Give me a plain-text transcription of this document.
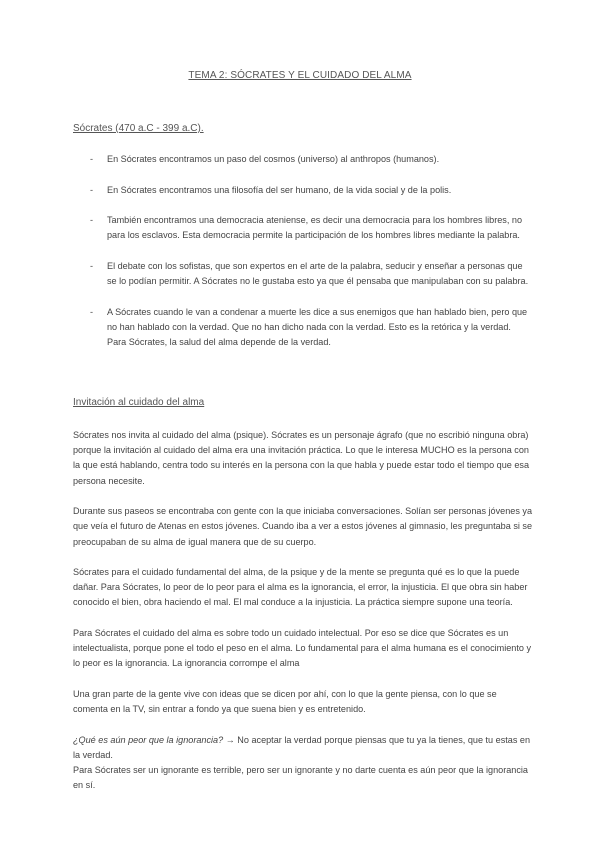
TEMA 2: SÓCRATES Y EL CUIDADO DEL ALMA
Sócrates (470 a.C - 399 a.C).
- En Sócrates encontramos un paso del cosmos (universo) al anthropos (humanos).
- En Sócrates encontramos una filosofía del ser humano, de la vida social y de la polis.
- También encontramos una democracia ateniense, es decir una democracia para los hombres libres, no para los esclavos. Esta democracia permite la participación de los hombres libres mediante la palabra.
- El debate con los sofistas, que son expertos en el arte de la palabra, seducir y enseñar a personas que se lo podían permitir. A Sócrates no le gustaba esto ya que él pensaba que manipulaban con su palabra.
- A Sócrates cuando le van a condenar a muerte les dice a sus enemigos que han hablado bien, pero que no han hablado con la verdad. Que no han dicho nada con la verdad. Esto es la retórica y la verdad.
Para Sócrates, la salud del alma depende de la verdad.
Invitación al cuidado del alma

Sócrates nos invita al cuidado del alma (psique). Sócrates es un personaje ágrafo (que no escribió ninguna obra) porque la invitación al cuidado del alma era una invitación práctica. Lo que le interesa MUCHO es la persona con la que está hablando, centra todo su interés en la persona con la que habla y puede estar todo el tiempo que esa persona necesite.

Durante sus paseos se encontraba con gente con la que iniciaba conversaciones. Solían ser personas jóvenes ya que veía el futuro de Atenas en estos jóvenes. Cuando iba a ver a estos jóvenes al gimnasio, les preguntaba si se preocupaban de su alma de igual manera que de su cuerpo.

Sócrates para el cuidado fundamental del alma, de la psique y de la mente se pregunta qué es lo que la puede dañar. Para Sócrates, lo peor de lo peor para el alma es la ignorancia, el error, la injusticia. El que obra sin haber conocido el bien, obra haciendo el mal. El mal conduce a la injusticia. La práctica siempre supone una teoría.

Para Sócrates el cuidado del alma es sobre todo un cuidado intelectual. Por eso se dice que Sócrates es un intelectualista, porque pone el todo el peso en el alma. Lo fundamental para el alma humana es el conocimiento y lo peor es la ignorancia. La ignorancia corrompe el alma

Una gran parte de la gente vive con ideas que se dicen por ahí, con lo que la gente piensa, con lo que se comenta en la TV, sin entrar a fondo ya que suena bien y es entretenido.

¿Qué es aún peor que la ignorancia? → No aceptar la verdad porque piensas que tu ya la tienes, que tu estas en la verdad.
Para Sócrates ser un ignorante es terrible, pero ser un ignorante y no darte cuenta es aún peor que la ignorancia en sí.
